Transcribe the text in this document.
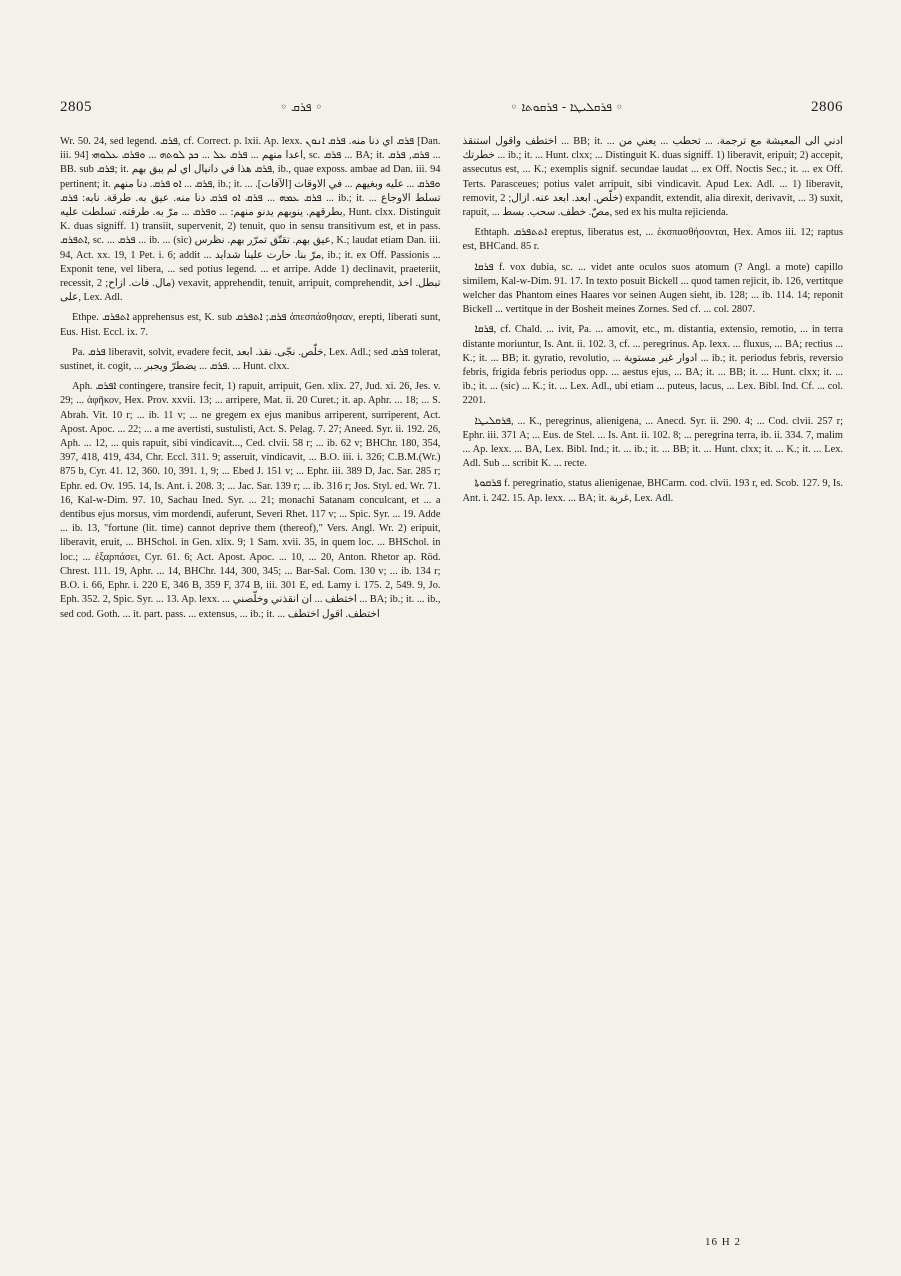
2805	◦ ܦܪܩ ◦	◦ ܦܪܩܠܝܛܐ - ܦܪܩܘܬܐ ◦	2806

Wr. 50. 24, sed legend. ܦܪܩ, cf. Correct. p. lxii. Ap. lexx. ܦܪܩ اي دنا منه. ܦܪܩ ܐܢܘܢ [Dan. iii. 94] اعدا منهم ... ܦܪܩ ܥܠ ... ܟܕ ܠܘܬܗ ... ܘܦܪܩ ܥܠܘܗܝ, sc. ܦܪܩ ... BA; it. ܦܪܩ, ܦܪܩ ... BB. sub ܦܪܩ; it. ܦܪܩ هذا في دانيال اي لم يبق بهم, ib., quae exposs. ambae ad Dan. iii. 94 pertinent; it. ܦܪܩ ... ܐܘ ܦܪܩ. دنا منهم, ib.; it. ... ܘܦܪܩ ... عليه وبغيهم ... في الاوقات [الآفات]. ܦܪܩ ܥܡܗ ... ܦܪܩ ܐܘ ܦܪܩ دنا منه. عيق به. طرقة. نابه: ܦܪܩ ... ib.; it. ... تسلط الاوجاع بطرقهم. ينوبهم يدنو منهم: ... ܘܦܪܩ ... مرّ به. طرقته. تسلطت عليه, Hunt. clxx. Distinguit K. duas signiff. 1) transiit, supervenit, 2) tenuit, quo in sensu transitivum est, et in pass. ܐܬܦܪܩ, sc. ... ܦܪܩ ... ib. ... (sic) عيق بهم. تقتّق تمرّر بهم. نظرس, K.; laudat etiam Dan. iii. 94, Act. xx. 19, 1 Pet. i. 6; addit ... مرّ بنا. حارت علينا شدايد, ib.; it. ex Off. Passionis ... Exponit tene, vel libera, ... sed potius legend. ... et arripe. Adde 1) declinavit, praeteriit, recessit, مال. فات. ازاح; 2) vexavit, apprehendit, tenuit, arripuit, comprehendit, تبطل. اخذ على, Lex. Adl.

Ethpe. ܐܬܦܪܩ apprehensus est, K. sub ܦܪܩ; ܐܬܦܪܩ ἀπεσπάσθησαν, erepti, liberati sunt, Eus. Hist. Eccl. ix. 7.

Pa. ܦܪܩ liberavit, solvit, evadere fecit, خلّص. نجّى. نقذ. ابعد, Lex. Adl.; sed ܦܪܩ tolerat, sustinet, it. cogit, ... ܦܪܩ ... يضطرّ ويجبر. ... Hunt. clxx.

Aph. ܐܦܪܩ contingere, transire fecit, 1) rapuit, arripuit, Gen. xlix. 27, Jud. xi. 26, Jes. v. 29; ... ἀφῆκον, Hex. Prov. xxvii. 13; ... arripere, Mat. ii. 20 Curet.; it. ap. Aphr. ... 18; ... S. Abrah. Vit. 10 r; ... ib. 11 v; ... ne gregem ex ejus manibus arriperent, surriperent, Act. Apost. Apoc. ... 22; ... a me avertisti, sustulisti, Act. S. Pelag. 7. 27; Aneed. Syr. ii. 192. 26, Aph. ... 12, ... quis rapuit, sibi vindicavit..., Ced. clvii. 58 r; ... ib. 62 v; BHChr. 180, 354, 397, 418, 419, 434, Chr. Eccl. 311. 9; asseruit, vindicavit, ... B.O. iii. i. 326; C.B.M.(Wr.) 875 b, Cyr. 41. 12, 360. 10, 391. 1, 9; ... Ebed J. 151 v; ... Ephr. iii. 389 D, Jac. Sar. 285 r; Ephr. ed. Ov. 195. 14, Is. Ant. i. 208. 3; ... Jac. Sar. 139 r; ... ib. 316 r; Jos. Styl. ed. Wr. 71. 16, Kal-w-Dim. 97. 10, Sachau Ined. Syr. ... 21; monachi Satanam conculcant, et ... a dentibus ejus morsus, vim mordendi, auferunt, Severi Rhet. 117 v; ... Spic. Syr. ... 19. Adde ... ib. 13, "fortune (lit. time) cannot deprive them (thereof)," Vers. Angl. Wr. 2) eripuit, liberavit, eruit, ... BHSchol. in Gen. xlix. 9; 1 Sam. xvii. 35, in quem loc. ... BHSchol. in loc.; ... ἐξαρπάσει, Cyr. 61. 6; Act. Apost. Apoc. ... 10, ... 20, Anton. Rhetor ap. Röd. Chrest. 111. 19, Aphr. ... 14, BHChr. 144, 300, 345; ... Bar-Sal. Com. 130 v; ... ib. 134 r; B.O. i. 66, Ephr. i. 220 E, 346 B, 359 F, 374 B, iii. 301 E, ed. Lamy i. 175. 2, 549. 9, Jo. Eph. 352. 2, Spic. Syr. ... 13. Ap. lexx. ... اختطف ... ان انقذني وخلّصني ... BA; ib.; it. ... ib., sed cod. Goth. ... it. part. pass. ... extensus, ... ib.; it. ... اختطف. اقول اختطف

اختطف واقول استنقذ ... BB; it. ... ادني الى المعيشة مع ترجمة. ... تحطب ... يعني من خطرتك ... ib.; it. ... Hunt. clxx; ... Distinguit K. duas signiff. 1) liberavit, eripuit; 2) accepit, assecutus est, ... K.; exemplis signif. secundae laudat ... ex Off. Noctis Sec.; it. ... ex Off. Terts. Parasceues; potius valet arripuit, sibi vindicavit. Apud Lex. Adl. ... 1) liberavit, removit, خلّص. ابعد. ابعد عنه. ازال; 2) expandit, extendit, alia direxit, derivavit, ... 3) suxit, rapuit, ... مصّ. خطف. سحب. بسط, sed ex his multa rejicienda.

Ethtaph. ܐܬܬܦܪܩ ereptus, liberatus est, ... ἐκσπασθήσονται, Hex. Amos iii. 12; raptus est, BHCand. 85 r.

ܦܪܩܐ f. vox dubia, sc. ... videt ante oculos suos atomum (? Angl. a mote) capillo similem, Kal-w-Dim. 91. 17. In texto posuit Bickell ... quod tamen rejicit, ib. 126, vertitque welcher das Phantom eines Haares vor seinen Augen sieht, ib. 128; ... ib. 114. 14; reponit Bickell ... vertitque in der Bosheit meines Zornes. Sed cf. ... col. 2807.

ܦܪܩܐ, cf. Chald. ... ivit, Pa. ... amovit, etc., m. distantia, extensio, remotio, ... in terra distante moriuntur, Is. Ant. ii. 102. 3, cf. ... peregrinus. Ap. lexx. ... fluxus, ... BA; rectius ... K.; it. ... BB; it. gyratio, revolutio, ... ادوار غير مستوية ... ib.; it. periodus febris, reversio febris, frigida febris periodus opp. ... aestus ejus, ... BA; it. ... BB; it. ... Hunt. clxx; it. ... ib.; it. ... (sic) ... K.; it. ... Lex. Adl., ubi etiam ... puteus, lacus, ... Lex. Bibl. Ind. Cf. ... col. 2201.

ܦܪܩܠܝܛܐ, ... K., peregrinus, alienigena, ... Anecd. Syr. ii. 290. 4; ... Cod. clvii. 257 r; Ephr. iii. 371 A; ... Eus. de Stel. ... Is. Ant. ii. 102. 8; ... peregrina terra, ib. ii. 334. 7, malim ... Ap. lexx. ... BA, Lex. Bibl. Ind.; it. ... ib.; it. ... BB; it. ... Hunt. clxx; it. ... K.; it. ... Lex. Adl. Sub ... scribit K. ... recte.

ܦܪܩܘܬܐ f. peregrinatio, status alienigenae, BHCarm. cod. clvii. 193 r, ed. Scob. 127. 9, Is. Ant. i. 242. 15. Ap. lexx. ... BA; it. غربة, Lex. Adl.

16 H 2
